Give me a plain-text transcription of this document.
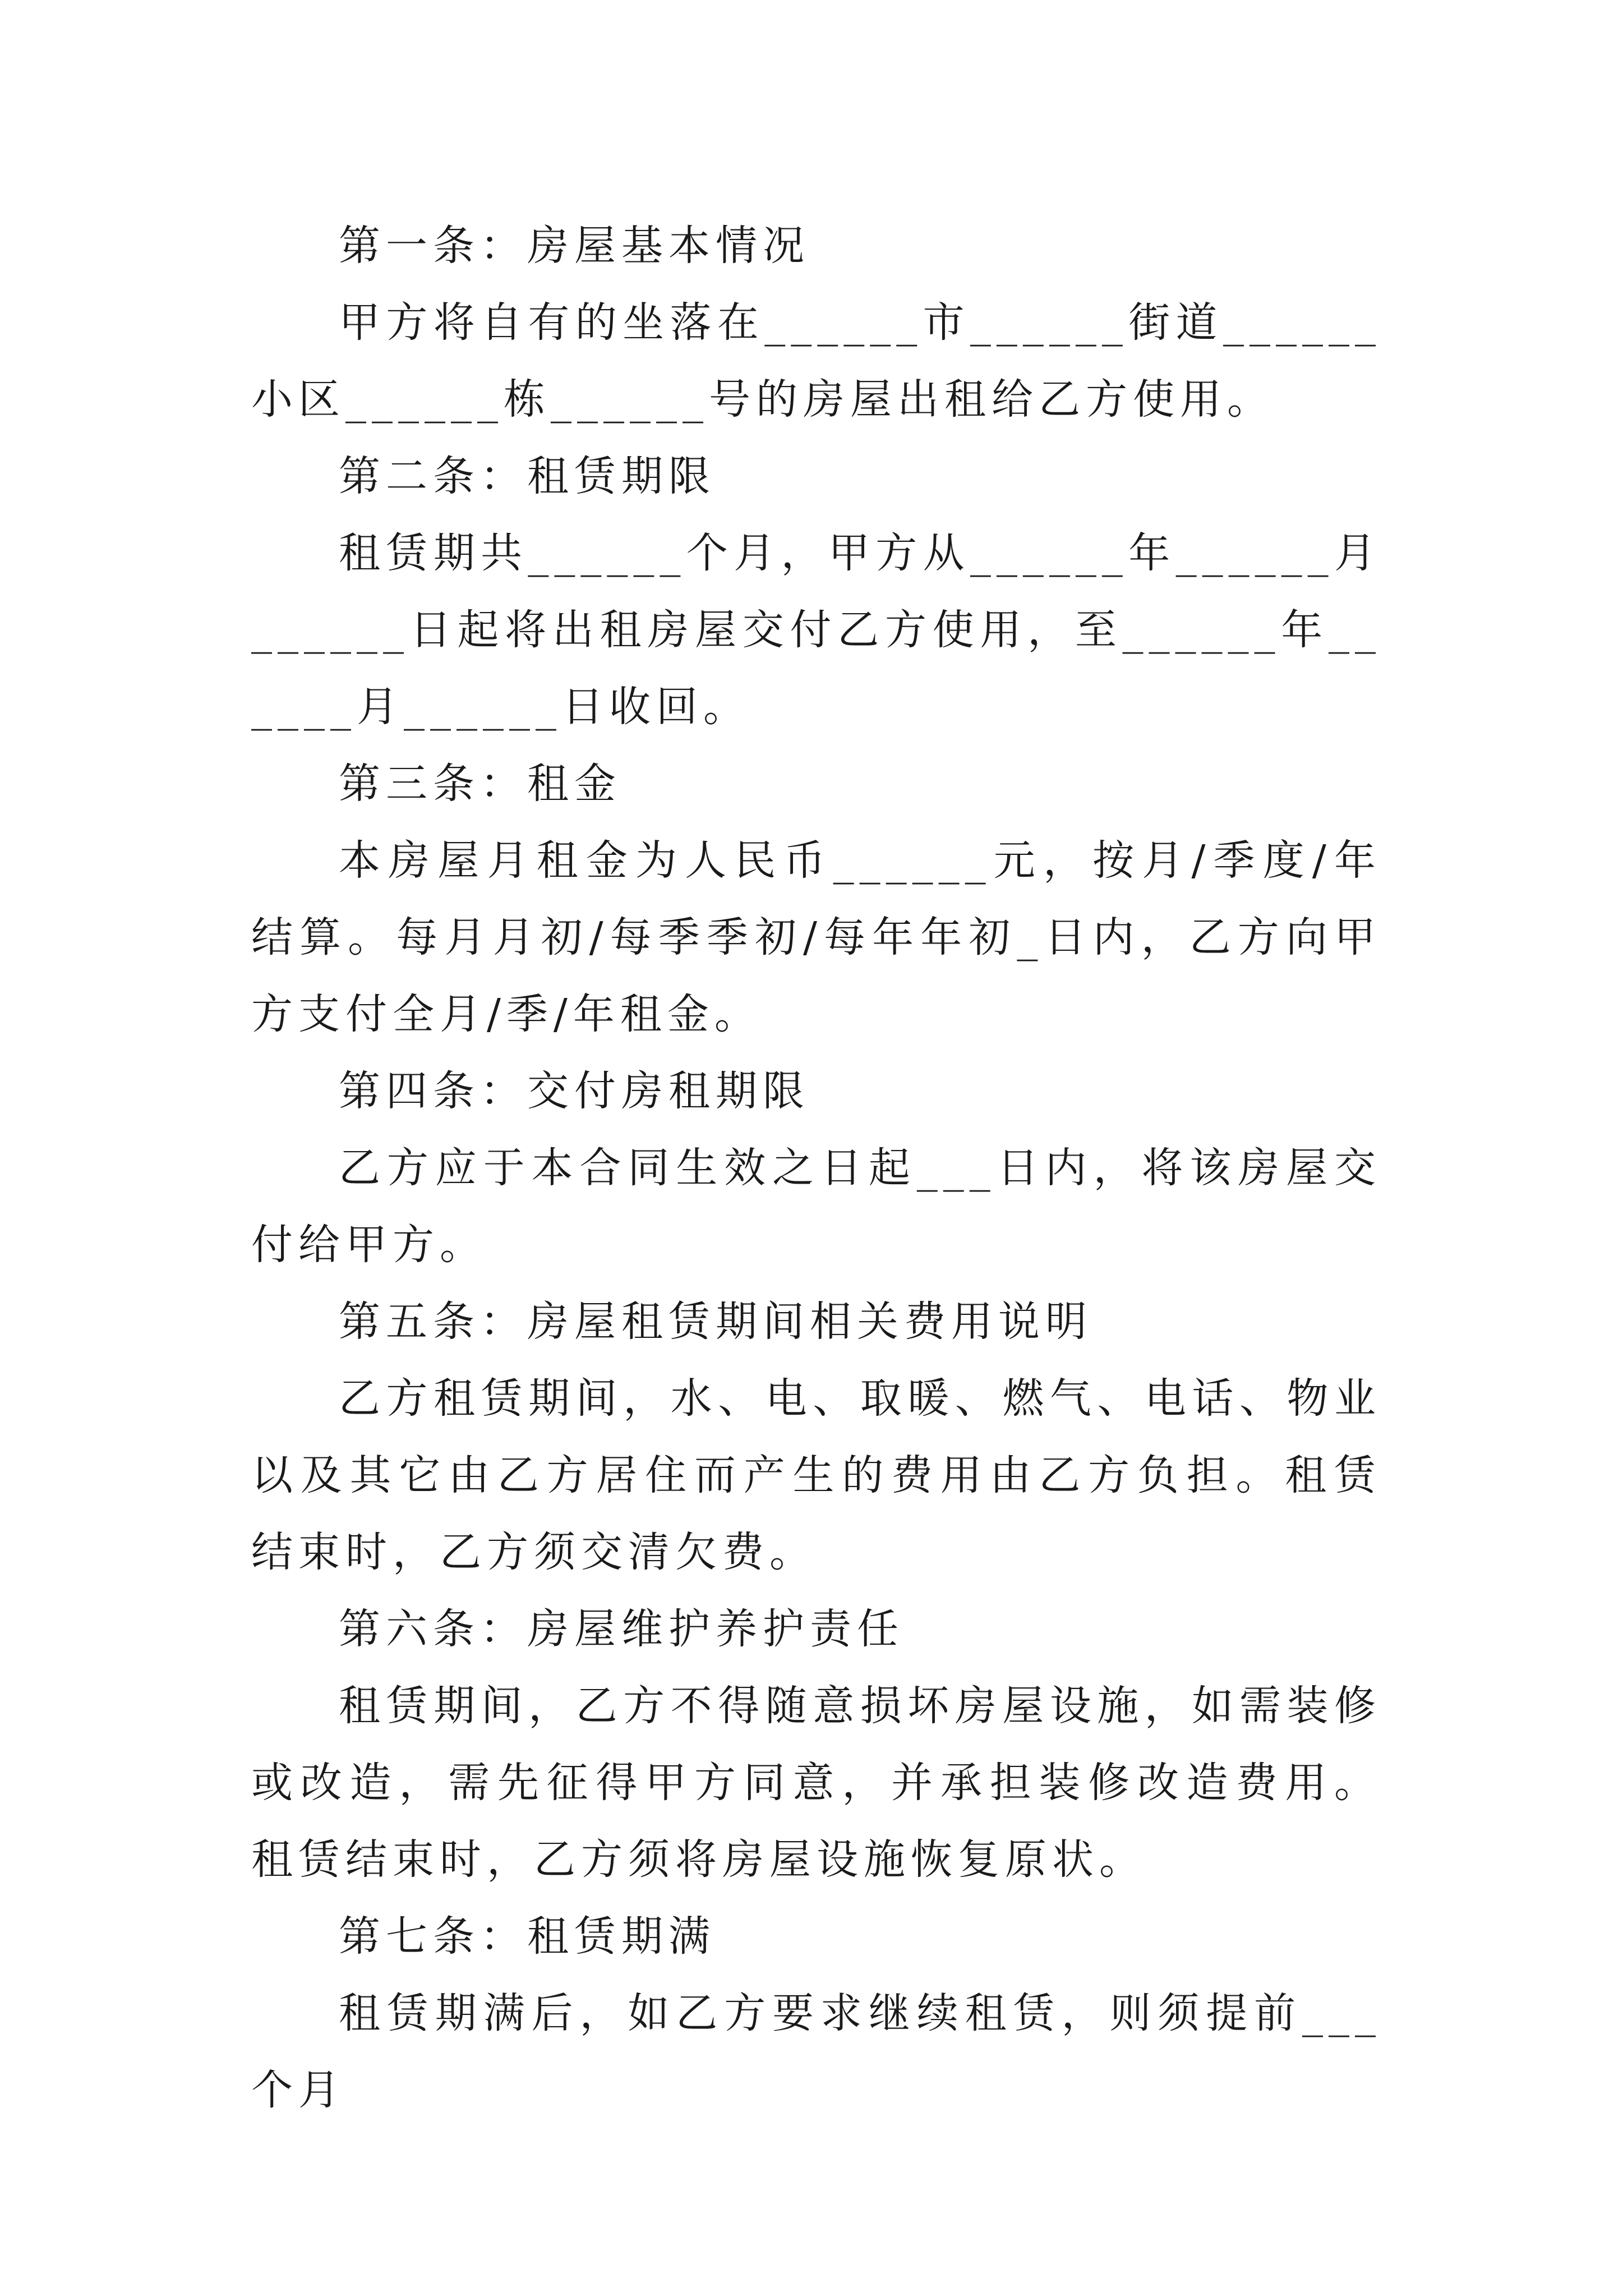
第一条：房屋基本情况

甲方将自有的坐落在______市______街道______小区______栋______号的房屋出租给乙方使用。

第二条：租赁期限

租赁期共______个月，甲方从______年______月______日起将出租房屋交付乙方使用，至______年______月______日收回。

第三条：租金

本房屋月租金为人民币______元，按月/季度/年结算。每月月初/每季季初/每年年初_日内，乙方向甲方支付全月/季/年租金。

第四条：交付房租期限

乙方应于本合同生效之日起___日内，将该房屋交付给甲方。

第五条：房屋租赁期间相关费用说明

乙方租赁期间，水、电、取暖、燃气、电话、物业以及其它由乙方居住而产生的费用由乙方负担。租赁结束时，乙方须交清欠费。

第六条：房屋维护养护责任

租赁期间，乙方不得随意损坏房屋设施，如需装修或改造，需先征得甲方同意，并承担装修改造费用。租赁结束时，乙方须将房屋设施恢复原状。

第七条：租赁期满

租赁期满后，如乙方要求继续租赁，则须提前___个月
